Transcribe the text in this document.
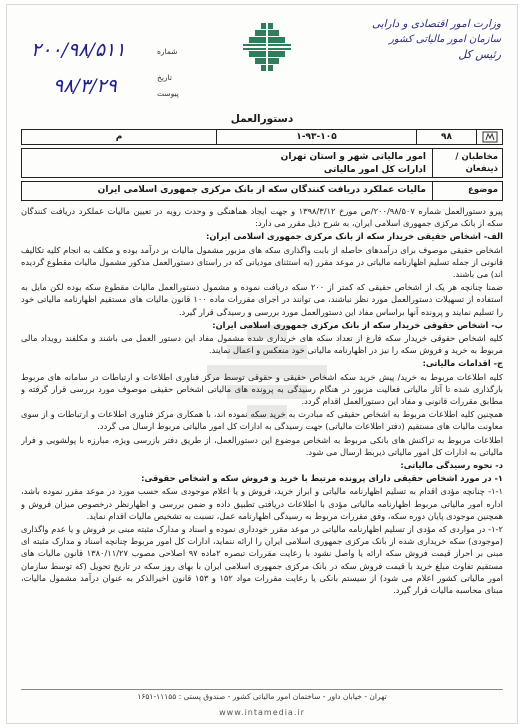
وزارت امور اقتصادی و دارایی
سازمان امور مالیاتی کشور
رئیس کل
۲۰۰/۹۸/۵۱۱	شماره
۹۸/۳/۲۹	تاریخ
پیوست
دستورالعمل
۹۸
۱-۹۳-۱۰۵
م
مخاطبان / ذینفعان
امور مالیاتی شهر و استان تهران
ادارات کل امور مالیاتی
موضوع
مالیات عملکرد دریافت کنندگان سکه از بانک مرکزی جمهوری اسلامی ایران

پیرو دستورالعمل شماره ۲۰۰/۹۸/۵۰۷/ص مورخ ۱۳۹۸/۳/۱۲ و جهت ایجاد هماهنگی و وحدت رویه در تعیین مالیات عملکرد دریافت کنندگان سکه از بانک مرکزی جمهوری اسلامی ایران، به شرح ذیل مقرر می دارد:

الف- اشخاص حقیقی خریدار سکه از بانک مرکزی جمهوری اسلامی ایران:

اشخاص حقیقی موصوف برای درآمدهای حاصله از بابت واگذاری سکه های مزبور مشمول مالیات بر درآمد بوده و مکلف به انجام کلیه تکالیف قانونی از جمله تسلیم اظهارنامه مالیاتی در موعد مقرر (به استثنای مودیانی که در راستای دستورالعمل مذکور مشمول مالیات مقطوع گردیده اند) می باشند.

ضمنا چنانچه هر یک از اشخاص حقیقی که کمتر از ۲۰۰ سکه دریافت نموده و مشمول دستورالعمل مالیات مقطوع سکه بوده لکن مایل به استفاده از تسهیلات دستورالعمل مورد نظر نباشند، می توانند در اجرای مقررات ماده ۱۰۰ قانون مالیات های مستقیم اظهارنامه مالیاتی خود را تسلیم نمایند و پرونده آنها براساس مفاد این دستورالعمل مورد بررسی و رسیدگی قرار گیرد.

ب- اشخاص حقوقی خریدار سکه از بانک مرکزی جمهوری اسلامی ایران:

کلیه اشخاص حقوقی خریدار سکه فارغ از تعداد سکه های خریداری شده مشمول مفاد این دستور العمل می باشند و مکلفند رویداد مالی مربوط به خرید و فروش سکه را نیز در اظهارنامه مالیاتی خود منعکس و اعمال نمایند.

ج- اقدامات مالیاتی:

کلیه اطلاعات مربوط به خرید/ پیش خرید سکه اشخاص حقیقی و حقوقی توسط مرکز فناوری اطلاعات و ارتباطات در سامانه های مربوط بارگذاری شده تا آثار مالیاتی فعالیت مزبور در هنگام رسیدگی به پرونده های مالیاتی اشخاص حقیقی موصوف مورد بررسی قرار گرفته و مطابق مقررات قانونی و مفاد این دستورالعمل اقدام گردد.

همچنین کلیه اطلاعات مربوط به اشخاص حقیقی که مبادرت به خرید سکه نموده اند، با همکاری مرکز فناوری اطلاعات و ارتباطات و از سوی معاونت مالیات های مستقیم (دفتر اطلاعات مالیاتی) جهت رسیدگی به ادارات کل امور مالیاتی مربوط ارسال می گردد.

اطلاعات مربوط به تراکنش های بانکی مربوط به اشخاص موضوع این دستورالعمل، از طریق دفتر بازرسی ویژه، مبارزه با پولشویی و فرار مالیاتی به ادارات کل امور مالیاتی ذیربط ارسال می شود.

د- نحوه رسیدگی مالیاتی:

۱- در مورد اشخاص حقیقی دارای پرونده مرتبط با خرید و فروش سکه و اشخاص حقوقی:

۱-۱- چنانچه مؤدی اقدام به تسلیم اظهارنامه مالیاتی و ابراز خرید، فروش و یا اعلام موجودی سکه حسب مورد در موعد مقرر نموده باشد، اداره امور مالیاتی مربوط اظهارنامه مالیاتی مؤدی با اطلاعات دریافتی تطبیق داده و ضمن بررسی و اظهارنظر درخصوص میزان فروش و همچنین موجودی پایان دوره سکه، وفق مقررات مربوط به رسیدگی اظهارنامه عمل، نسبت به تشخیص مالیات اقدام نماید.

۱-۲- در مواردی که مؤدی از تسلیم اظهارنامه مالیاتی در موعد مقرر خودداری نموده و اسناد و مدارک مثبته مبنی بر فروش و یا عدم واگذاری (موجودی) سکه خریداری شده از بانک مرکزی جمهوری اسلامی ایران را ارائه ننماید، ادارات کل امور مربوط چنانچه اسناد و مدارک مثبته ای مبنی بر احراز قیمت فروش سکه ارائه یا واصل نشود با رعایت مقررات تبصره ۲ماده ۹۷ اصلاحی مصوب ۱۳۸۰/۱۱/۲۷ قانون مالیات های مستقیم تفاوت مبلغ خرید با قیمت فروش سکه در بانک مرکزی جمهوری اسلامی ایران با بهای روز سکه در تاریخ تحویل (که توسط سازمان امور مالیاتی کشور اعلام می شود) از سیستم بانکی یا رعایت مقررات مواد ۱۵۲ و ۱۵۳ قانون اخیرالذکر به عنوان درآمد مشمول مالیات، مبنای محاسبه مالیات قرار گیرد.

تهران - خیابان داور - ساختمان امور مالیاتی کشور - صندوق پستی : ۱۱۱۵۵-۱۶۵۱
www.intamedia.ir
